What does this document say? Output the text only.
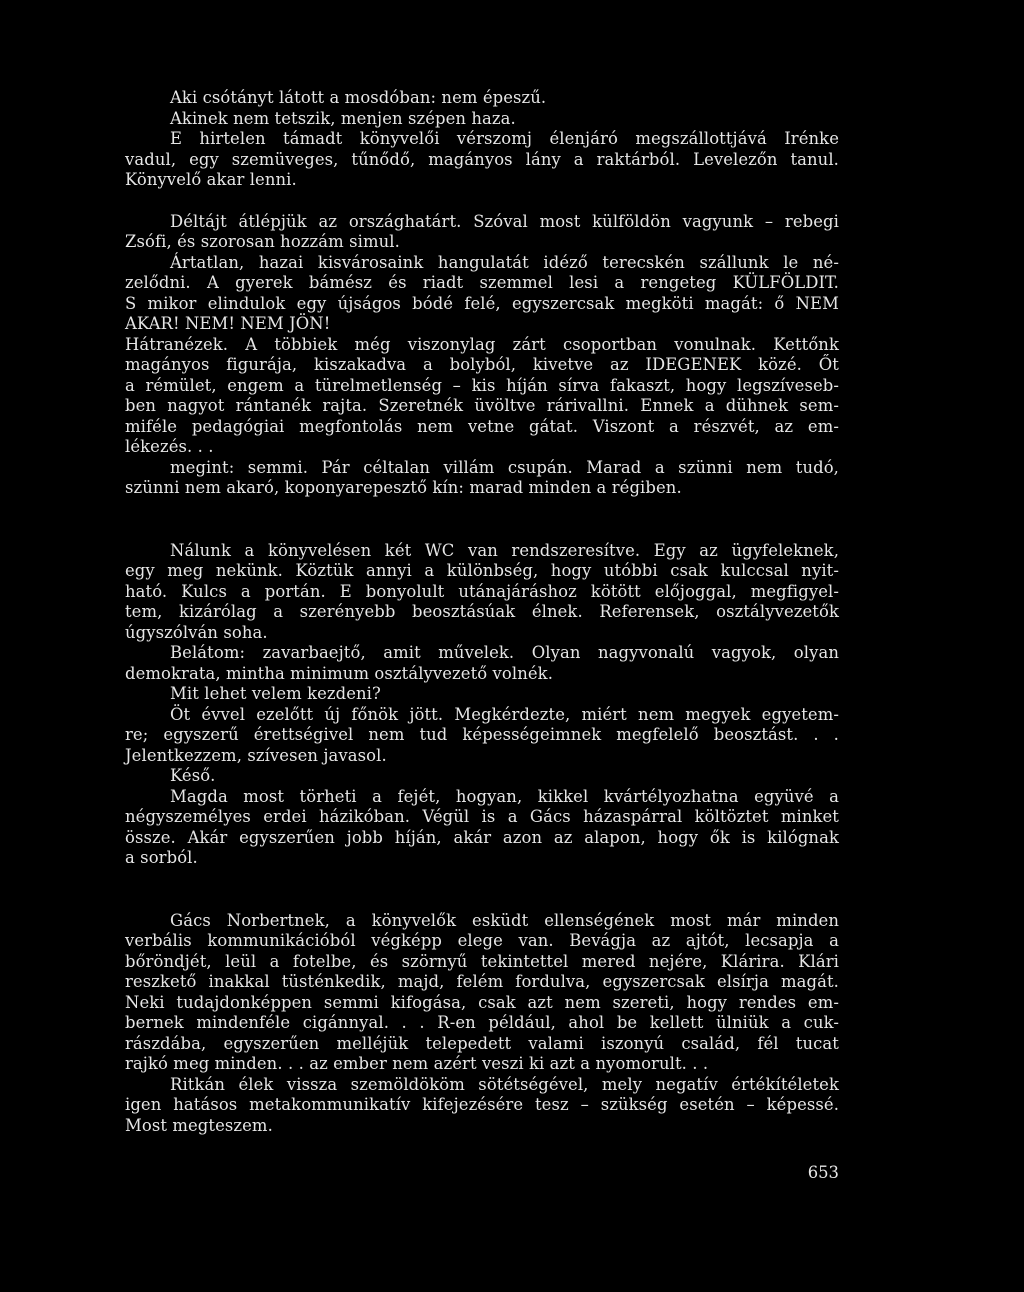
Aki csótányt látott a mosdóban: nem épeszű.
Akinek nem tetszik, menjen szépen haza.
E hirtelen támadt könyvelői vérszomj élenjáró megszállottjává Irénke
vadul, egy szemüveges, tűnődő, magányos lány a raktárból. Levelezőn tanul.
Könyvelő akar lenni.
Déltájt átlépjük az országhatárt. Szóval most külföldön vagyunk – rebegi
Zsófi, és szorosan hozzám simul.
Ártatlan, hazai kisvárosaink hangulatát idéző terecskén szállunk le né-
zelődni. A gyerek bámész és riadt szemmel lesi a rengeteg KÜLFÖLDIT.
S mikor elindulok egy újságos bódé felé, egyszercsak megköti magát: ő NEM
AKAR! NEM! NEM JÖN!
Hátranézek. A többiek még viszonylag zárt csoportban vonulnak. Kettőnk
magányos figurája, kiszakadva a bolyból, kivetve az IDEGENEK közé. Őt
a rémület, engem a türelmetlenség – kis híján sírva fakaszt, hogy legszíveseb-
ben nagyot rántanék rajta. Szeretnék üvöltve rárivallni. Ennek a dühnek sem-
miféle pedagógiai megfontolás nem vetne gátat. Viszont a részvét, az em-
lékezés. . .
megint: semmi. Pár céltalan villám csupán. Marad a szünni nem tudó,
szünni nem akaró, koponyarepesztő kín: marad minden a régiben.
Nálunk a könyvelésen két WC van rendszeresítve. Egy az ügyfeleknek,
egy meg nekünk. Köztük annyi a különbség, hogy utóbbi csak kulccsal nyit-
ható. Kulcs a portán. E bonyolult utánajáráshoz kötött előjoggal, megfigyel-
tem, kizárólag a szerényebb beosztásúak élnek. Referensek, osztályvezetők
úgyszólván soha.
Belátom: zavarbaejtő, amit művelek. Olyan nagyvonalú vagyok, olyan
demokrata, mintha minimum osztályvezető volnék.
Mit lehet velem kezdeni?
Öt évvel ezelőtt új főnök jött. Megkérdezte, miért nem megyek egyetem-
re; egyszerű érettségivel nem tud képességeimnek megfelelő beosztást. . .
Jelentkezzem, szívesen javasol.
Késő.
Magda most törheti a fejét, hogyan, kikkel kvártélyozhatna együvé a
négyszemélyes erdei házikóban. Végül is a Gács házaspárral költöztet minket
össze. Akár egyszerűen jobb híján, akár azon az alapon, hogy ők is kilógnak
a sorból.
Gács Norbertnek, a könyvelők esküdt ellenségének most már minden
verbális kommunikációból végképp elege van. Bevágja az ajtót, lecsapja a
bőröndjét, leül a fotelbe, és szörnyű tekintettel mered nejére, Klárira. Klári
reszkető inakkal tüsténkedik, majd, felém fordulva, egyszercsak elsírja magát.
Neki tudajdonképpen semmi kifogása, csak azt nem szereti, hogy rendes em-
bernek mindenféle cigánnyal. . . R-en például, ahol be kellett ülniük a cuk-
rászdába, egyszerűen melléjük telepedett valami iszonyú család, fél tucat
rajkó meg minden. . . az ember nem azért veszi ki azt a nyomorult. . .
Ritkán élek vissza szemöldököm sötétségével, mely negatív értékítéletek
igen hatásos metakommunikatív kifejezésére tesz – szükség esetén – képessé.
Most megteszem.
653
